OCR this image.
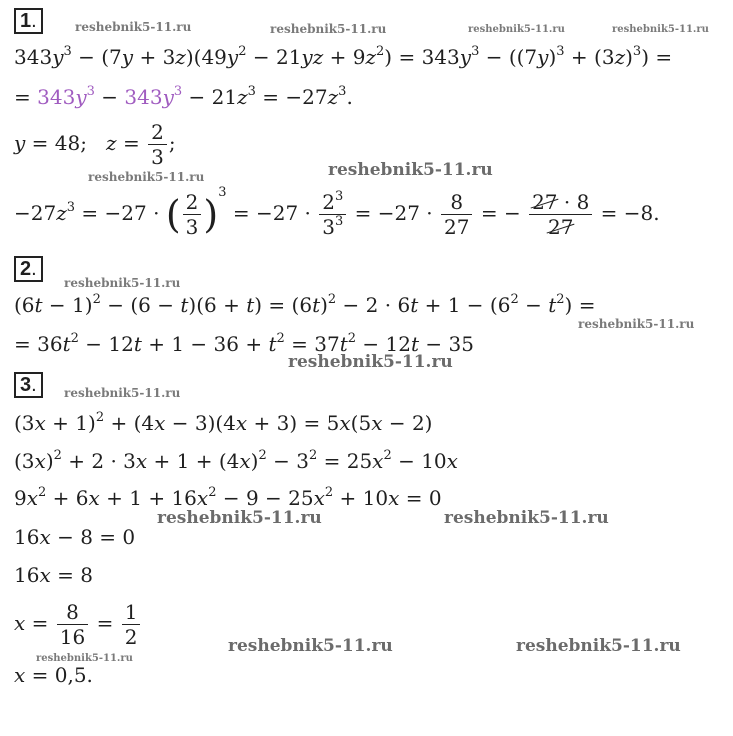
1.
$343y^3 - (7y + 3z)(49y^2 - 21yz + 9z^2) = 343y^3 - ((7y)^3 + (3z)^3)$ =
= $343y^3 - 343y^3 - 21z^3 = -27z^3$.
y = 48;   $z = \frac{2}{3}$ ;
$-27z^3 = -27$ · ( $\frac{2}{3} )^3 = -27 \cdot \frac{2^3}{3^3} = -27 \cdot \frac{8}{27}$ = − $\frac{27 \cdot 8}{27} = -8$.
2.
$(6t - 1)^2 - (6 - t)(6 + t) = (6t)^2 - 2 \cdot 6t + 1 - (6^2 - t^2)$ =
= $36t^2 - 12t + 1 - 36 + t^2 = 37t^2 - 12t - 35$
3.
$(3x + 1)^2 + (4x - 3)(4x + 3) = 5x(5x - 2)$
$(3x)^2 + 2 \cdot 3x + 1 + (4x)^2 - 3^2 = 25x^2 - 10x$
$9x^2 + 6x + 1 + 16x^2 - 9 - 25x^2 + 10x = 0$
16x − 8 = 0
16x = 8
$x = \frac{8}{16} = \frac{1}{2}$
x = 0,5.
reshebnik5-11.ru	reshebnik5-11.ru	reshebnik5-11.ru	reshebnik5-11.ru
reshebnik5-11.ru	reshebnik5-11.ru
reshebnik5-11.ru
reshebnik5-11.ru
reshebnik5-11.ru
reshebnik5-11.ru
reshebnik5-11.ru	reshebnik5-11.ru
reshebnik5-11.ru	reshebnik5-11.ru
reshebnik5-11.ru
